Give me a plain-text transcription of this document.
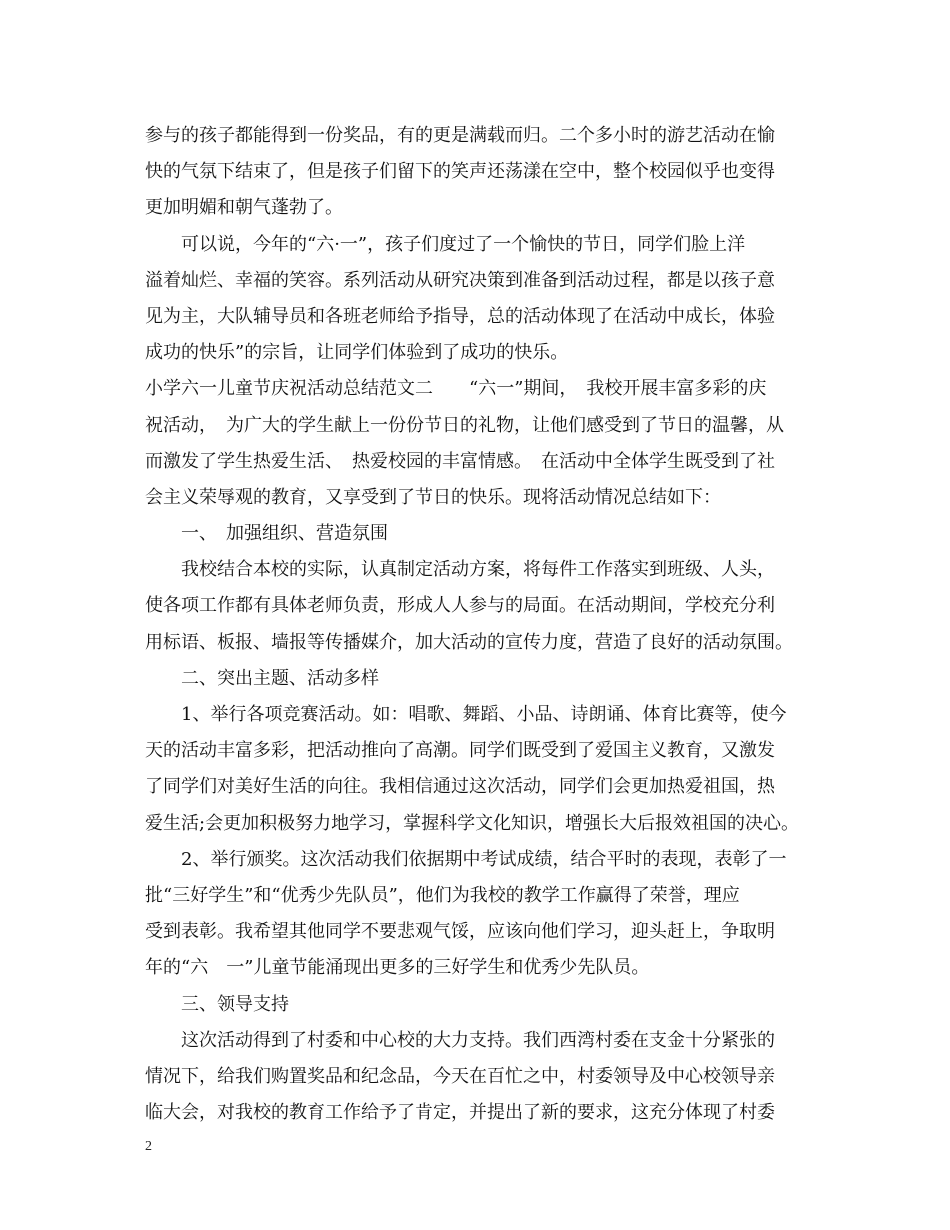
参与的孩子都能得到一份奖品，有的更是满载而归。二个多小时的游艺活动在愉
快的气氛下结束了，但是孩子们留下的笑声还荡漾在空中，整个校园似乎也变得
更加明媚和朝气蓬勃了。
　　可以说，今年的“六·一”，孩子们度过了一个愉快的节日，同学们脸上洋
溢着灿烂、幸福的笑容。系列活动从研究决策到准备到活动过程，都是以孩子意
见为主，大队辅导员和各班老师给予指导，总的活动体现了在活动中成长，体验
成功的快乐”的宗旨，让同学们体验到了成功的快乐。
小学六一儿童节庆祝活动总结范文二　　“六一”期间，　我校开展丰富多彩的庆
祝活动，　为广大的学生献上一份份节日的礼物，让他们感受到了节日的温馨，从
而激发了学生热爱生活、　热爱校园的丰富情感。　在活动中全体学生既受到了社
会主义荣辱观的教育，又享受到了节日的快乐。现将活动情况总结如下：
　　一、　加强组织、营造氛围
　　我校结合本校的实际，认真制定活动方案，将每件工作落实到班级、人头，
使各项工作都有具体老师负责，形成人人参与的局面。在活动期间，学校充分利
用标语、板报、墙报等传播媒介，加大活动的宣传力度，营造了良好的活动氛围。
　　二、突出主题、活动多样
　　1、举行各项竞赛活动。如：唱歌、舞蹈、小品、诗朗诵、体育比赛等，使今
天的活动丰富多彩，把活动推向了高潮。同学们既受到了爱国主义教育，又激发
了同学们对美好生活的向往。我相信通过这次活动，同学们会更加热爱祖国，热
爱生活;会更加积极努力地学习，掌握科学文化知识，增强长大后报效祖国的决心。
　　2、举行颁奖。这次活动我们依据期中考试成绩，结合平时的表现，表彰了一
批“三好学生”和“优秀少先队员”，他们为我校的教学工作赢得了荣誉，理应
受到表彰。我希望其他同学不要悲观气馁，应该向他们学习，迎头赶上，争取明
年的“六　一”儿童节能涌现出更多的三好学生和优秀少先队员。
　　三、领导支持
　　这次活动得到了村委和中心校的大力支持。我们西湾村委在支金十分紧张的
情况下，给我们购置奖品和纪念品，今天在百忙之中，村委领导及中心校领导亲
临大会，对我校的教育工作给予了肯定，并提出了新的要求，这充分体现了村委
2
